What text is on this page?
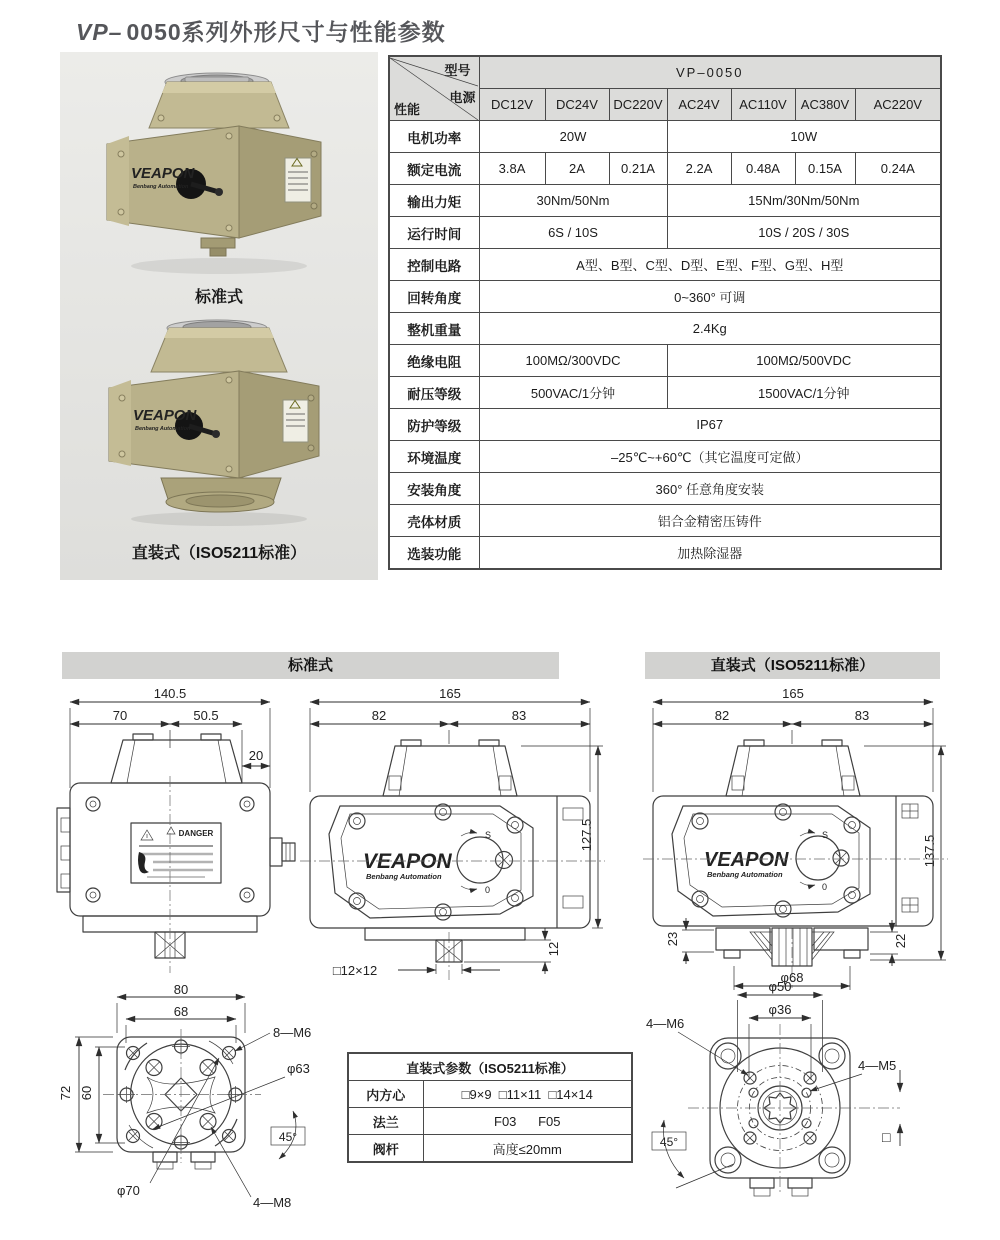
VP– 0050系列外形尺寸与性能参数
VEAPON
Benbang Automation
标准式
VEAPON
Benbang Automation
直装式（ISO5211标准）
型号
电源
性能	VP–0050						
	DC12V	DC24V	DC220V	AC24V	AC110V	AC380V	AC220V
电机功率	20W			10W			
额定电流	3.8A	2A	0.21A	2.2A	0.48A	0.15A	0.24A
输出力矩	30Nm/50Nm			15Nm/30Nm/50Nm			
运行时间	6S / 10S			10S / 20S / 30S			
控制电路	A型、B型、C型、D型、E型、F型、G型、H型						
回转角度	0~360° 可调						
整机重量	2.4Kg						
绝缘电阻	100MΩ/300VDC			100MΩ/500VDC			
耐压等级	500VAC/1分钟			1500VAC/1分钟			
防护等级	IP67						
环境温度	–25℃~+60℃（其它温度可定做）						
安装角度	360° 任意角度安装						
壳体材质	铝合金精密压铸件						
选装功能	加热除湿器						
标准式	直装式（ISO5211标准）
140.5
70	50.5
20
DANGER
165
82	83
127.5
VEAPON
Benbang Automation
S
0
□12×12
12
165
82	83
137.5
VEAPON
Benbang Automation
S
0
23	22
φ68
80
68
72 60
8—M6
φ63
φ70
4—M8
45°
直装式参数（ISO5211标准）	
内方心	□9×9  □11×11  □14×14
法兰	F03      F05
阀杆	高度≤20mm
φ50
φ36
4—M6
4—M5
45°	□
